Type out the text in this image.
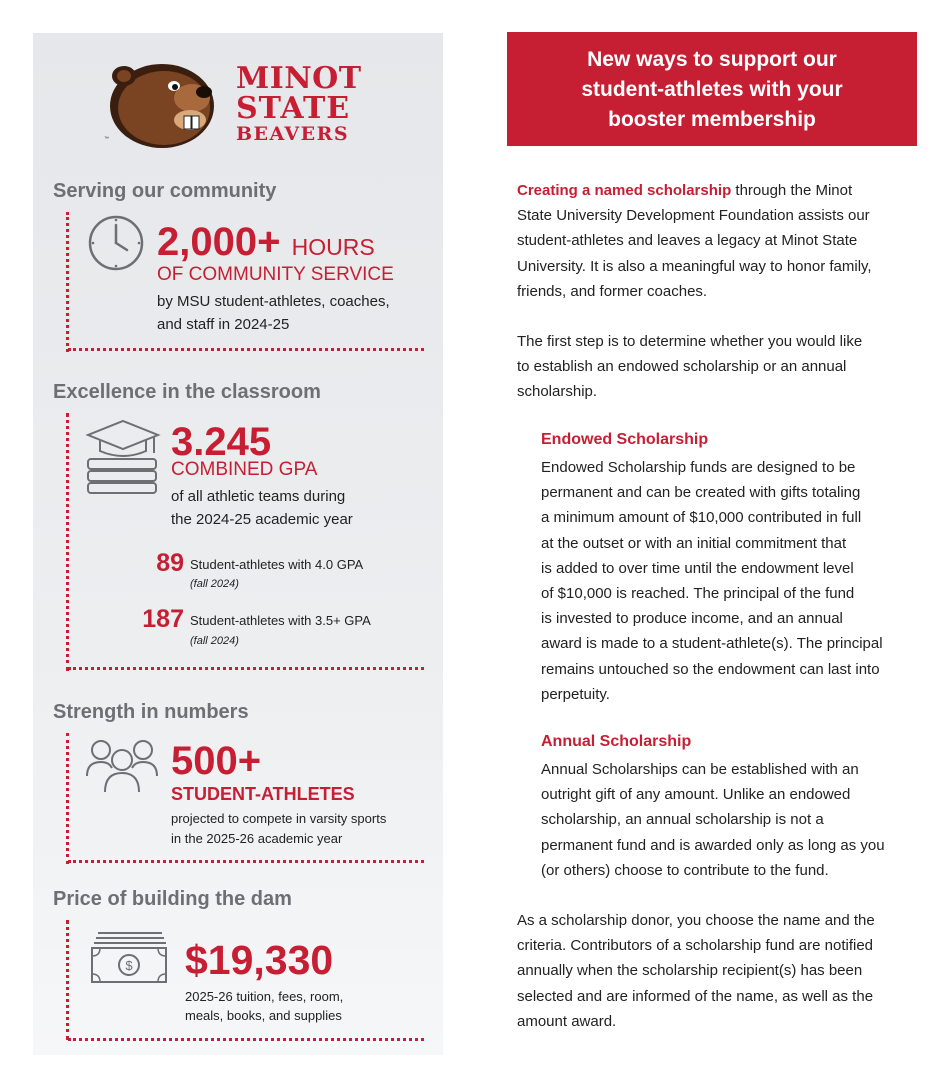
MINOT
STATE
BEAVERS
™
Serving our community
2,000+ HOURS
OF COMMUNITY SERVICE
by MSU student-athletes, coaches,
and staff in 2024-25
Excellence in the classroom
3.245
COMBINED GPA
of all athletic teams during
the 2024-25 academic year
89 Student-athletes with 4.0 GPA
(fall 2024)
187 Student-athletes with 3.5+ GPA
(fall 2024)
Strength in numbers
500+
STUDENT-ATHLETES
projected to compete in varsity sports
in the 2025-26 academic year
Price of building the dam
$ $19,330
2025-26 tuition, fees, room,
meals, books, and supplies
New ways to support our
student-athletes with your
booster membership
Creating a named scholarship through the Minot
State University Development Foundation assists our
student-athletes and leaves a legacy at Minot State
University. It is also a meaningful way to honor family,
friends, and former coaches.
The first step is to determine whether you would like
to establish an endowed scholarship or an annual
scholarship.
Endowed Scholarship
Endowed Scholarship funds are designed to be
permanent and can be created with gifts totaling
a minimum amount of $10,000 contributed in full
at the outset or with an initial commitment that
is added to over time until the endowment level
of $10,000 is reached. The principal of the fund
is invested to produce income, and an annual
award is made to a student-athlete(s). The principal
remains untouched so the endowment can last into
perpetuity.
Annual Scholarship
Annual Scholarships can be established with an
outright gift of any amount. Unlike an endowed
scholarship, an annual scholarship is not a
permanent fund and is awarded only as long as you
(or others) choose to contribute to the fund.
As a scholarship donor, you choose the name and the
criteria. Contributors of a scholarship fund are notified
annually when the scholarship recipient(s) has been
selected and are informed of the name, as well as the
amount award.
